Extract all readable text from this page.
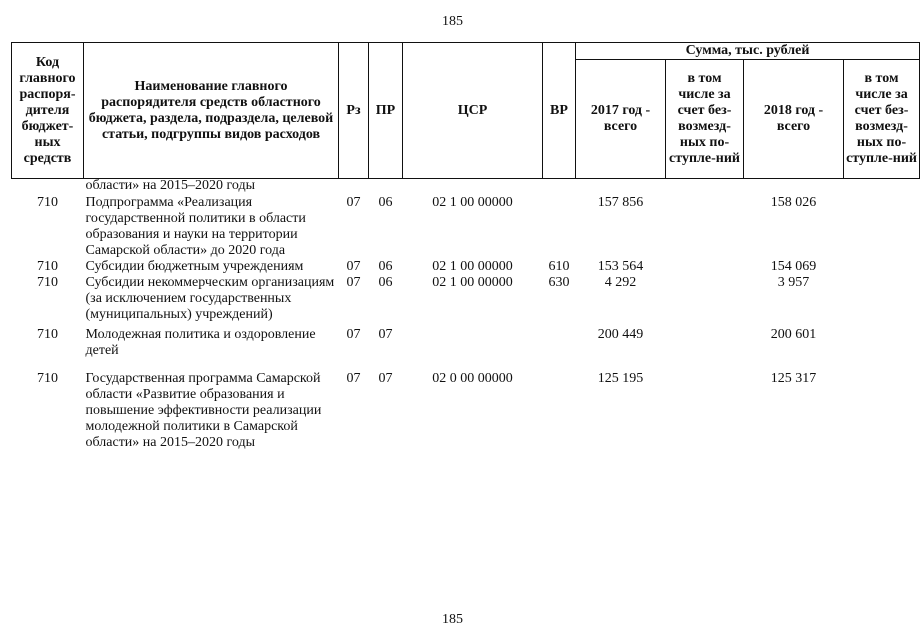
185
Код главного распоря-дителя бюджет-ных средств	Наименование главного распорядителя средств областного бюджета, раздела, подраздела, целевой статьи, подгруппы видов расходов	Рз	ПР	ЦСР	ВР	Сумма, тыс. рублей			
						2017 год - всего	в том числе за счет без-возмезд-ных по-ступле-ний	2018 год - всего	в том числе за счет без-возмезд-ных по-ступле-ний
	области» на 2015–2020 годы								

710	Подпрограмма «Реализация государственной политики в области образования и науки на территории Самарской области» до 2020 года	07	06	02 1 00 00000		157 856		158 026	
710	Субсидии бюджетным учреждениям	07	06	02 1 00 00000	610	153 564		154 069	
710	Субсидии некоммерческим организациям (за исключением государственных (муниципальных) учреждений)	07	06	02 1 00 00000	630	4 292		3 957	

710	Молодежная политика и оздоровление детей	07	07			200 449		200 601	

710	Государственная программа Самарской области «Развитие образования и повышение эффективности реализации молодежной политики в Самарской области» на 2015–2020 годы	07	07	02 0 00 00000		125 195		125 317	
185
